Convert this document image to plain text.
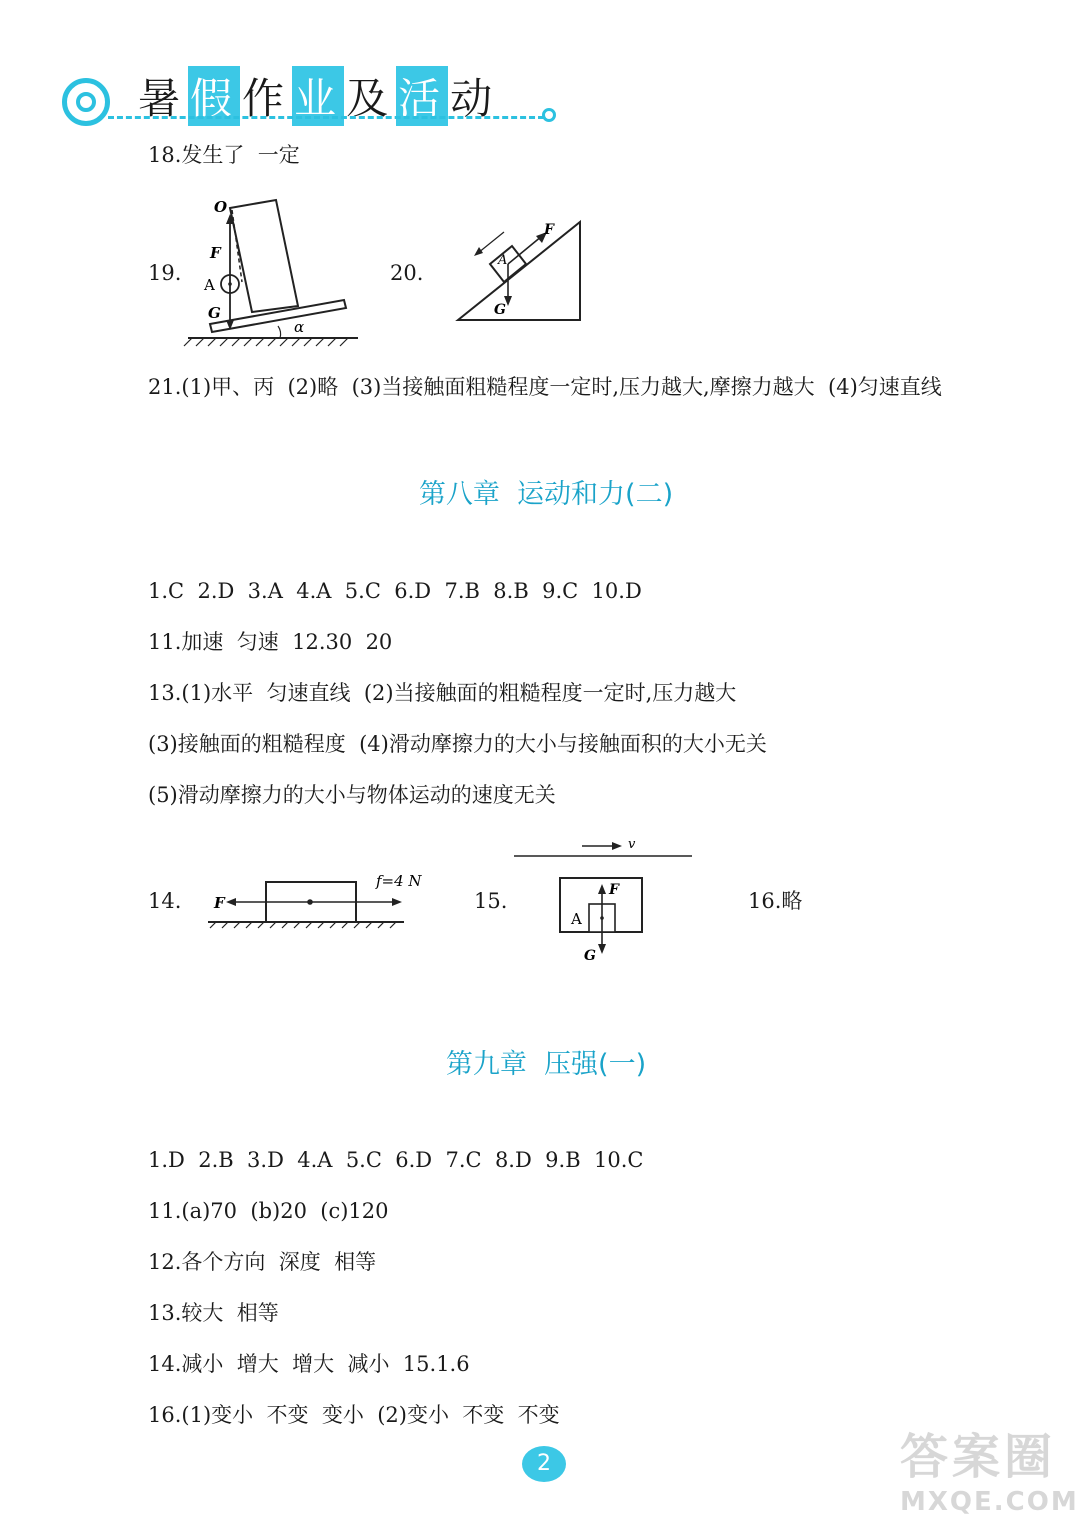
暑假作业及活动
18.发生了  一定
19.
α
O
F
A
G
20.
A
F
G
21.(1)甲、丙  (2)略  (3)当接触面粗糙程度一定时,压力越大,摩擦力越大  (4)匀速直线
第八章  运动和力(二)
1.C  2.D  3.A  4.A  5.C  6.D  7.B  8.B  9.C  10.D
11.加速  匀速  12.30  20
13.(1)水平  匀速直线  (2)当接触面的粗糙程度一定时,压力越大
(3)接触面的粗糙程度  (4)滑动摩擦力的大小与接触面积的大小无关
(5)滑动摩擦力的大小与物体运动的速度无关
14. F
f=4 N
15.
v
F
A
G
16.略
第九章  压强(一)
1.D  2.B  3.D  4.A  5.C  6.D  7.C  8.D  9.B  10.C
11.(a)70  (b)20  (c)120
12.各个方向  深度  相等
13.较大  相等
14.减小  增大  增大  减小  15.1.6
16.(1)变小  不变  变小  (2)变小  不变  不变
2	答案圈
MXQE.COM
